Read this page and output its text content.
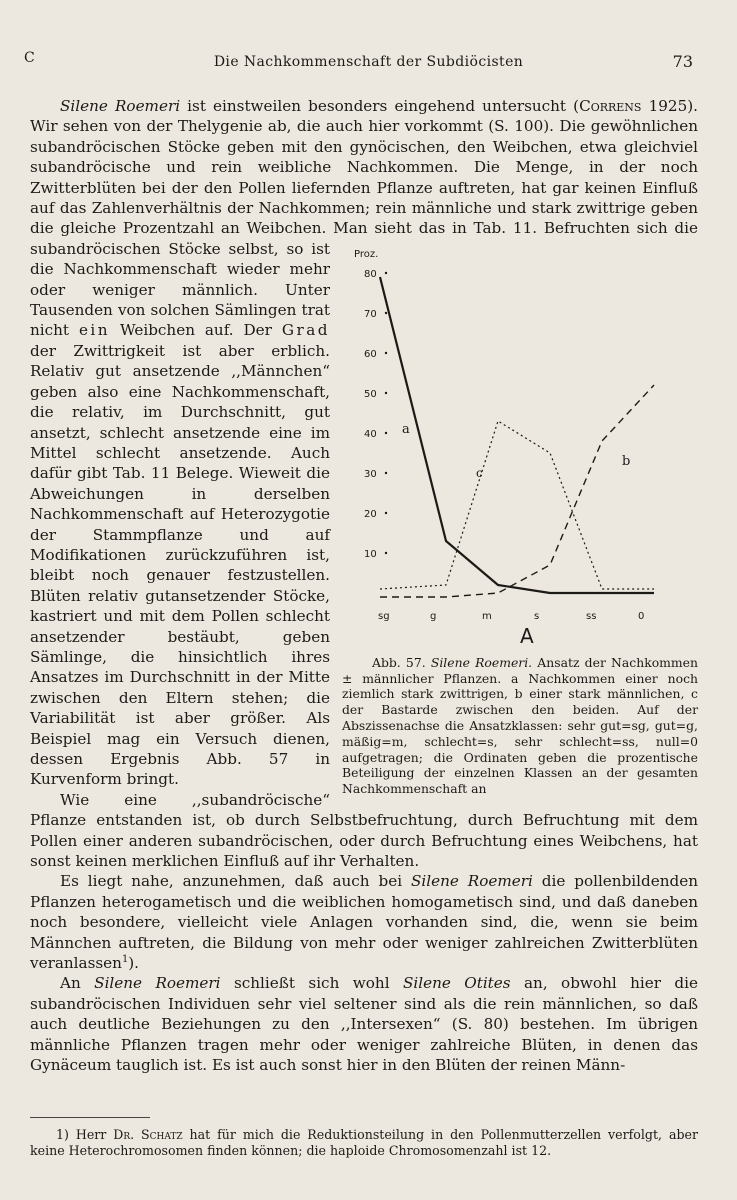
C	Die Nachkommenschaft der Subdiöcisten	73

Silene Roemeri ist einstweilen besonders eingehend untersucht (Correns 1925). Wir sehen von der Thelygenie ab, die auch hier vorkommt (S. 100). Die gewöhnlichen subandröcischen Stöcke geben mit den gynöcischen, den Weibchen, etwa gleichviel subandröcische und rein weibliche Nachkommen. Die Menge, in der noch Zwitterblüten bei der den Pollen liefernden Pflanze auftreten, hat gar keinen Einfluß auf das Zahlenverhältnis der Nachkommen; rein männliche und stark zwittrige geben die gleiche Prozentzahl an Weibchen. Man sieht das in Tab. 11. Befruchten sich die subandröcischen Stöcke selbst,	Proz.
10
20
30
40
50
60
70
80
sg	g	m	s	ss	0
A
a
c
b
Abb. 57. Silene Roemeri. Ansatz der Nachkommen ± männlicher Pflanzen. a Nachkommen einer noch ziemlich stark zwittrigen, b einer stark männlichen, c der Bastarde zwischen den beiden. Auf der Abszissenachse die Ansatzklassen: sehr gut=sg, gut=g, mäßig=m, schlecht=s, sehr schlecht=ss, null=0 aufgetragen; die Ordinaten geben die prozentische Beteiligung der einzelnen Klassen an der gesamten Nachkommenschaft an
so ist die Nachkommenschaft wieder mehr oder weniger männlich. Unter Tausenden von solchen Sämlingen trat nicht ein Weibchen auf. Der Grad der Zwittrigkeit ist aber erblich. Relativ gut ansetzende ,,Männchen“ geben also eine Nachkommenschaft, die relativ, im Durchschnitt, gut ansetzt, schlecht ansetzende eine im Mittel schlecht ansetzende. Auch dafür gibt Tab. 11 Belege. Wieweit die Abweichungen in derselben Nachkommenschaft auf Heterozygotie der Stammpflanze und auf Modifikationen zurückzuführen ist, bleibt noch genauer festzustellen. Blüten relativ gutansetzender Stöcke, kastriert und mit dem Pollen schlecht ansetzender bestäubt, geben Sämlinge, die hinsichtlich ihres Ansatzes im Durchschnitt in der Mitte zwischen den Eltern stehen; die Variabilität ist aber größer. Als Beispiel mag ein Versuch dienen, dessen Ergebnis Abb. 57 in Kurvenform bringt.

Wie eine ,,subandröcische“ Pflanze entstanden ist, ob durch Selbstbefruchtung, durch Befruchtung mit dem Pollen einer anderen subandröcischen, oder durch Befruchtung eines Weibchens, hat sonst keinen merklichen Einfluß auf ihr Verhalten.

Es liegt nahe, anzunehmen, daß auch bei Silene Roemeri die pollenbildenden Pflanzen heterogametisch und die weiblichen homogametisch sind, und daß daneben noch besondere, vielleicht viele Anlagen vorhanden sind, die, wenn sie beim Männchen auftreten, die Bildung von mehr oder weniger zahlreichen Zwitterblüten veranlassen$^1$).

An Silene Roemeri schließt sich wohl Silene Otites an, obwohl hier die subandröcischen Individuen sehr viel seltener sind als die rein männlichen, so daß auch deutliche Beziehungen zu den ,,Intersexen“ (S. 80) bestehen. Im übrigen männliche Pflanzen tragen mehr oder weniger zahlreiche Blüten, in denen das Gynäceum tauglich ist. Es ist auch sonst hier in den Blüten der reinen Männ-

1) Herr Dr. Schatz hat für mich die Reduktionsteilung in den Pollenmutterzellen verfolgt, aber keine Heterochromosomen finden können; die haploide Chromosomenzahl ist 12.
